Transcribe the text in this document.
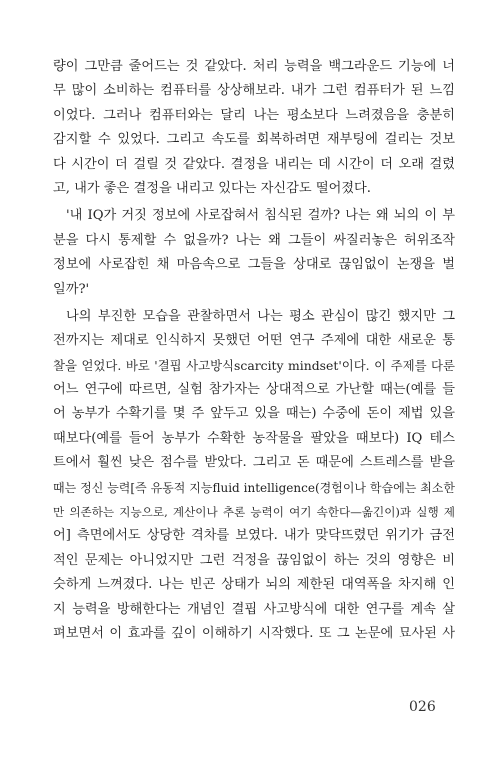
량이 그만큼 줄어드는 것 같았다. 처리 능력을 백그라운드 기능에 너
무 많이 소비하는 컴퓨터를 상상해보라. 내가 그런 컴퓨터가 된 느낌
이었다. 그러나 컴퓨터와는 달리 나는 평소보다 느려졌음을 충분히
감지할 수 있었다. 그리고 속도를 회복하려면 재부팅에 걸리는 것보
다 시간이 더 걸릴 것 같았다. 결정을 내리는 데 시간이 더 오래 걸렸
고, 내가 좋은 결정을 내리고 있다는 자신감도 떨어졌다.
'내 IQ가 거짓 정보에 사로잡혀서 침식된 걸까? 나는 왜 뇌의 이 부
분을 다시 통제할 수 없을까? 나는 왜 그들이 싸질러놓은 허위조작
정보에 사로잡힌 채 마음속으로 그들을 상대로 끊임없이 논쟁을 벌
일까?'
나의 부진한 모습을 관찰하면서 나는 평소 관심이 많긴 했지만 그
전까지는 제대로 인식하지 못했던 어떤 연구 주제에 대한 새로운 통
찰을 얻었다. 바로 '결핍 사고방식scarcity mindset'이다. 이 주제를 다룬
어느 연구에 따르면, 실험 참가자는 상대적으로 가난할 때는(예를 들
어 농부가 수확기를 몇 주 앞두고 있을 때는) 수중에 돈이 제법 있을
때보다(예를 들어 농부가 수확한 농작물을 팔았을 때보다) IQ 테스
트에서 훨씬 낮은 점수를 받았다. 그리고 돈 때문에 스트레스를 받을
때는 정신 능력[즉 유동적 지능fluid intelligence(경험이나 학습에는 최소한
만 의존하는 지능으로, 계산이나 추론 능력이 여기 속한다—옮긴이)과 실행 제
어] 측면에서도 상당한 격차를 보였다. 내가 맞닥뜨렸던 위기가 금전
적인 문제는 아니었지만 그런 걱정을 끊임없이 하는 것의 영향은 비
슷하게 느껴졌다. 나는 빈곤 상태가 뇌의 제한된 대역폭을 차지해 인
지 능력을 방해한다는 개념인 결핍 사고방식에 대한 연구를 계속 살
펴보면서 이 효과를 깊이 이해하기 시작했다. 또 그 논문에 묘사된 사
026
